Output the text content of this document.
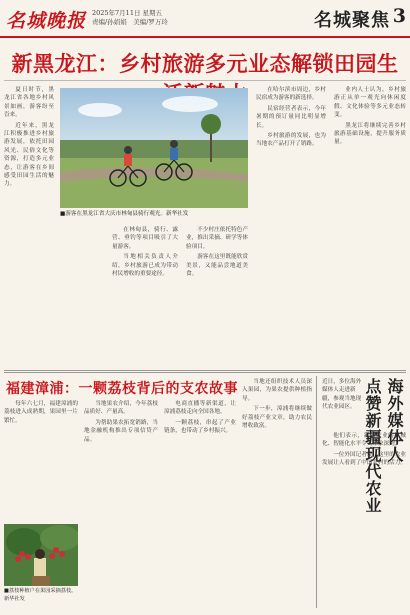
名城晚报 2025年7月11日 星期五
责编/孙娟娟　美编/罗万玲	名城聚焦 3
新黑龙江：乡村旅游多元业态解锁田园生

夏日时节，黑龙江省各地乡村风景如画，游客纷至沓来。

近年来，黑龙江积极推进乡村旅游发展，依托田园风光、民俗文化等资源，打造多元业态，让游客在乡间感受田园生活的魅力。

■游客在黑龙江省大庆市林甸县骑行观光。新华社发

在林甸县，骑行、露营、垂钓等项目吸引了大量游客。

当地相关负责人介绍，乡村旅游已成为带动村民增收的重要途径。

不少村庄依托特色产业，推出采摘、研学等体验项目。

游客在这里既能欣赏美景，又能品尝地道美食。

在哈尔滨市周边，乡村民宿成为游客的新选择。

民宿经营者表示，今年暑期的预订量同比明显增长。

乡村旅游的发展，也为当地农产品打开了销路。

业内人士认为，乡村旅游正从单一观光向休闲度假、文化体验等多元业态转变。

黑龙江将继续完善乡村旅游基础设施，提升服务质量。

福建漳浦：一颗荔枝背后的支农故事

每年六七月，福建漳浦的荔枝进入成熟期，果园里一片繁忙。

■荔枝种植户在果园采摘荔枝。新华社发

当地果农介绍，今年荔枝品质好、产量高。

为帮助果农拓宽销路，当地金融机构推出专项信贷产品。

电商直播等新渠道，让漳浦荔枝走向全国各地。

一颗荔枝，串起了产业链条，也带动了乡村振兴。

当地还组织技术人员深入果园，为果农提供种植指导。

下一步，漳浦将继续做好荔枝产业文章，助力农民增收致富。	海外媒体人
点赞新疆现代农业
近日，多位海外媒体人走进新疆，参观当地现代农业园区。

他们表示，新疆农业的机械化、智能化水平令人印象深刻。

一位外国记者说，这里的农业发展让人看到了中国农村的活力。
